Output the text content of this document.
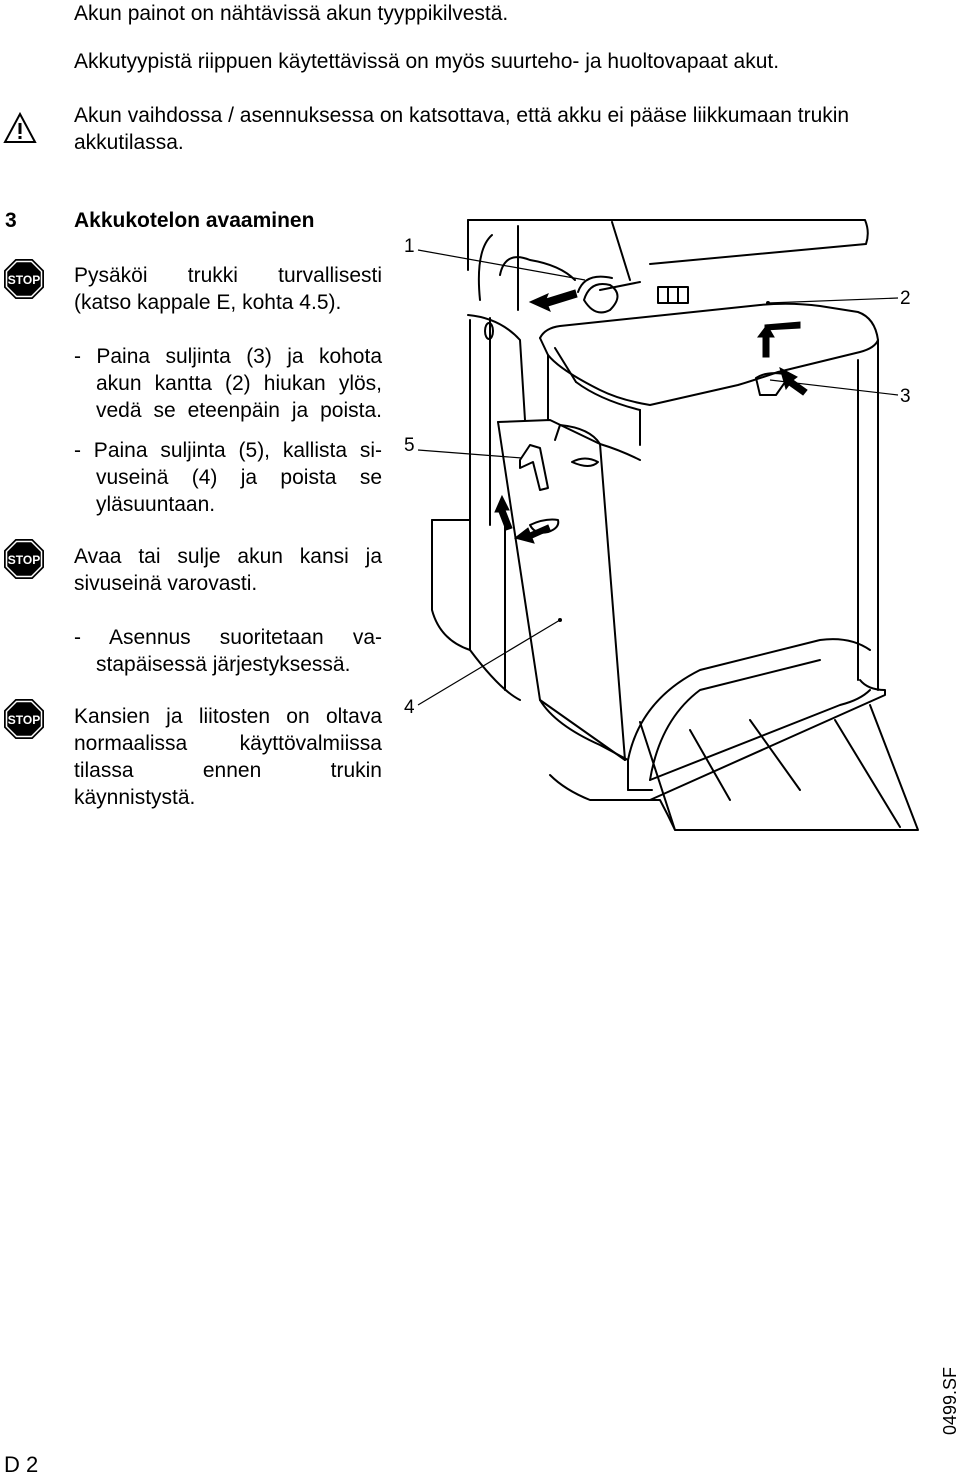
Akun painot on nähtävissä akun tyyppikilvestä.
Akkutyypistä riippuen käytettävissä on myös suurteho- ja huoltovapaat akut.
Akun vaihdossa / asennuksessa on katsottava, että akku ei pääse liikkumaan trukin
akkutilassa.
3	Akkukotelon avaaminen
STOP Pysäköi trukki turvallisesti
(katso kappale E, kohta 4.5).
- Paina suljinta (3) ja kohota
akun kantta (2) hiukan ylös,
vedä se eteenpäin ja poista.
- Paina suljinta (5), kallista si-
vuseinä (4) ja poista se
yläsuuntaan.
STOP Avaa tai sulje akun kansi ja
sivuseinä varovasti.
- Asennus suoritetaan va-
stapäisessä järjestyksessä.
STOP Kansien ja liitosten on oltava
normaalissa käyttövalmiissa
tilassa ennen trukin
käynnistystä.
1
2
3
4
5
0499.SF
D 2
